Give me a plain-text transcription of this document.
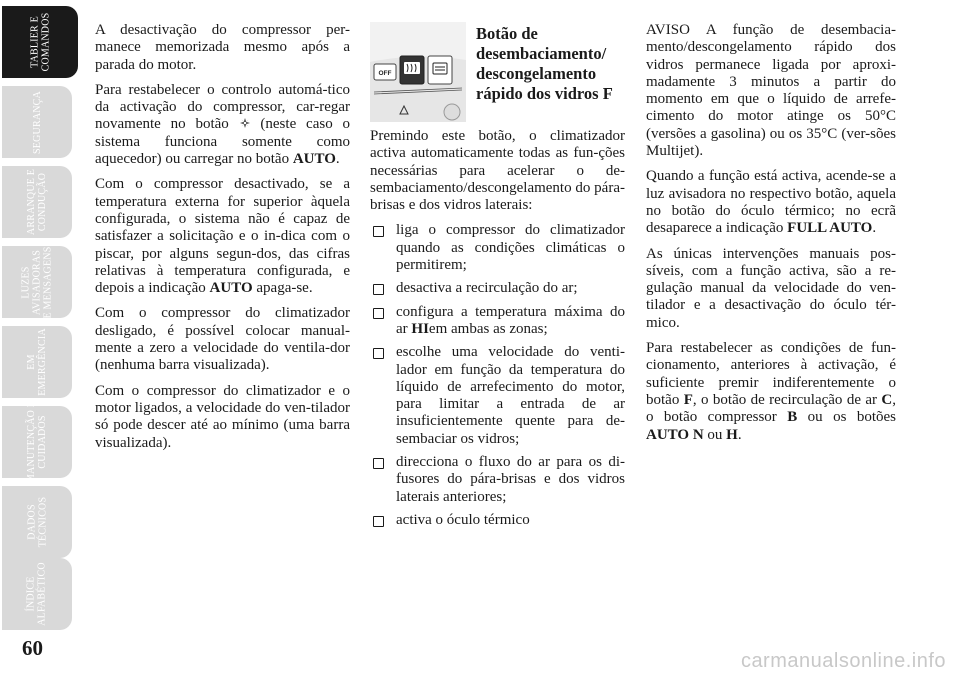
TABLIER E
COMANDOS
SEGURANÇA
ARRANQUE E
CONDUÇÃO
LUZES
AVISADORAS
E MENSAGENS
EM
EMERGÊNCIA
MANUTENÇÃO E
CUIDADOS
DADOS
TÉCNICOS
ÍNDICE
ALFABÉTICO
60

A desactivação do compressor per-manece memorizada mesmo após a parada do motor.

Para restabelecer o controlo automá-tico da activação do compressor, car-regar novamente no botão  (neste caso o sistema funciona somente como aquecedor) ou carregar no botão AUTO.

Com o compressor desactivado, se a temperatura externa for superior àquela configurada, o sistema não é capaz de satisfazer a solicitação e o in-dica com o piscar, por alguns segun-dos, das cifras relativas à temperatura configurada, e depois a indicação AUTO apaga-se.

Com o compressor do climatizador desligado, é possível colocar manual-mente a zero a velocidade do ventila-dor (nenhuma barra visualizada).

Com o compressor do climatizador e o motor ligados, a velocidade do ven-tilador só pode descer até ao mínimo (uma barra visualizada).

OFF
Botão de desembaciamento/ descongelamento rápido dos vidros F

Premindo este botão, o climatizador activa automaticamente todas as fun-ções necessárias para acelerar o de-sembaciamento/descongelamento do pára-brisas e dos vidros laterais:

liga o compressor do climatizador quando as condições climáticas o permitirem;
desactiva a recirculação do ar;
configura a temperatura máxima do ar HIem ambas as zonas;
escolhe uma velocidade do venti-lador em função da temperatura do líquido de arrefecimento do motor, para limitar a entrada de ar insuficientemente quente para de-sembaciar os vidros;
direcciona o fluxo do ar para os di-fusores do pára-brisas e dos vidros laterais anteriores;
activa o óculo térmico

AVISO A função de desembacia-mento/descongelamento rápido dos vidros permanece ligada por aproxi-madamente 3 minutos a partir do momento em que o líquido de arrefe-cimento do motor atinge os 50°C (versões a gasolina) ou os 35°C (ver-sões Multijet).

Quando a função está activa, acende-se a luz avisadora no respectivo botão, aquela no botão do óculo térmico; no ecrã desaparece a indicação FULL AUTO.

As únicas intervenções manuais pos-síveis, com a função activa, são a re-gulação manual da velocidade do ven-tilador e a desactivação do óculo tér-mico.

Para restabelecer as condições de fun-cionamento, anteriores à activação, é suficiente premir indiferentemente o botão F, o botão de recirculação de ar C, o botão compressor B ou os botões AUTO N ou H.

carmanualsonline.info
